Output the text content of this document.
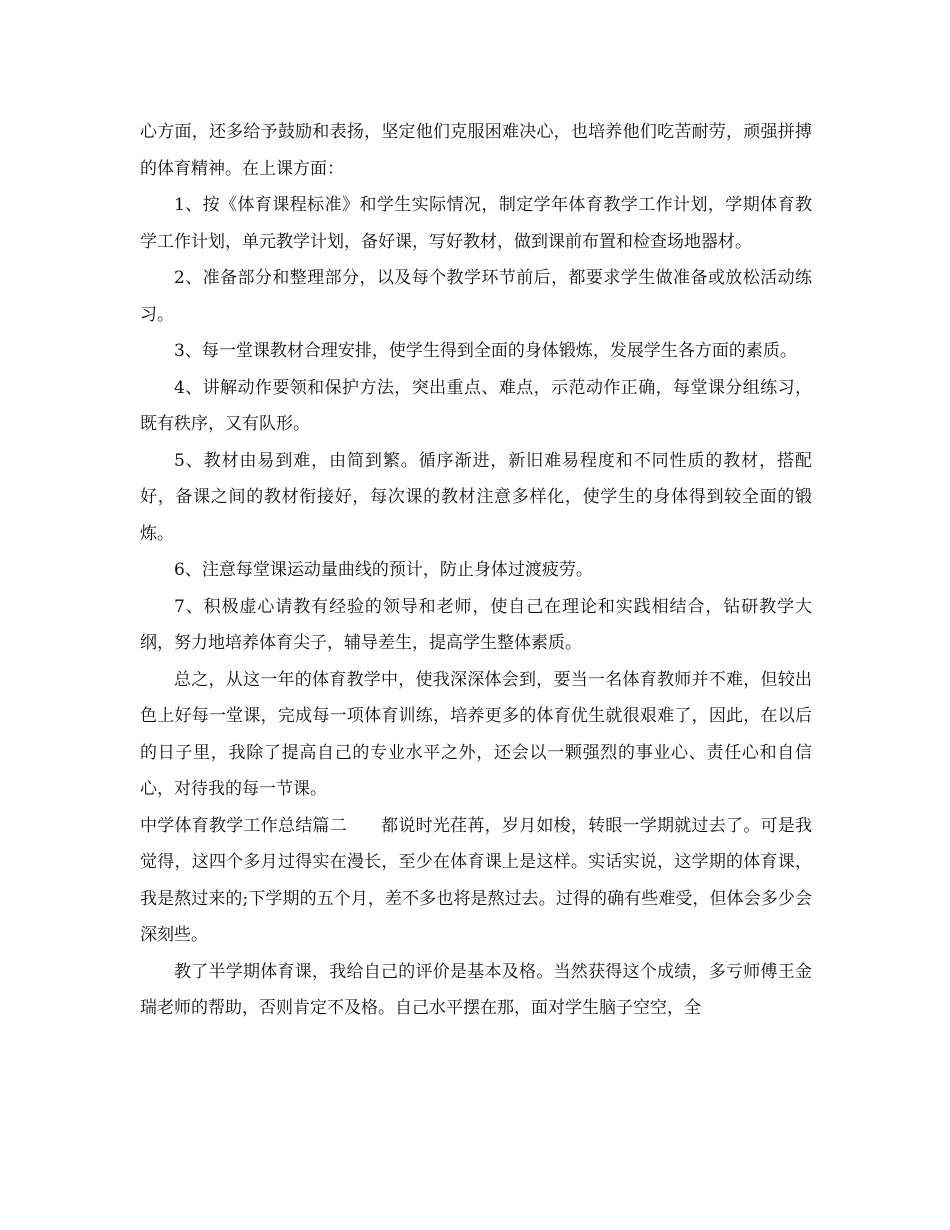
心方面，还多给予鼓励和表扬，坚定他们克服困难决心，也培养他们吃苦耐劳，顽强拼搏的体育精神。在上课方面：

1、按《体育课程标准》和学生实际情况，制定学年体育教学工作计划，学期体育教学工作计划，单元教学计划，备好课，写好教材，做到课前布置和检查场地器材。

2、准备部分和整理部分，以及每个教学环节前后，都要求学生做准备或放松活动练习。

3、每一堂课教材合理安排，使学生得到全面的身体锻炼，发展学生各方面的素质。

4、讲解动作要领和保护方法，突出重点、难点，示范动作正确，每堂课分组练习，既有秩序，又有队形。

5、教材由易到难，由简到繁。循序渐进，新旧难易程度和不同性质的教材，搭配好，备课之间的教材衔接好，每次课的教材注意多样化，使学生的身体得到较全面的锻炼。

6、注意每堂课运动量曲线的预计，防止身体过渡疲劳。

7、积极虚心请教有经验的领导和老师，使自己在理论和实践相结合，钻研教学大纲，努力地培养体育尖子，辅导差生，提高学生整体素质。

总之，从这一年的体育教学中，使我深深体会到，要当一名体育教师并不难，但较出色上好每一堂课，完成每一项体育训练，培养更多的体育优生就很艰难了，因此，在以后的日子里，我除了提高自己的专业水平之外，还会以一颗强烈的事业心、责任心和自信心，对待我的每一节课。

中学体育教学工作总结篇二 都说时光荏苒，岁月如梭，转眼一学期就过去了。可是我觉得，这四个多月过得实在漫长，至少在体育课上是这样。实话实说，这学期的体育课，我是熬过来的;下学期的五个月，差不多也将是熬过去。过得的确有些难受，但体会多少会深刻些。

教了半学期体育课，我给自己的评价是基本及格。当然获得这个成绩，多亏师傅王金瑞老师的帮助，否则肯定不及格。自己水平摆在那，面对学生脑子空空，全
